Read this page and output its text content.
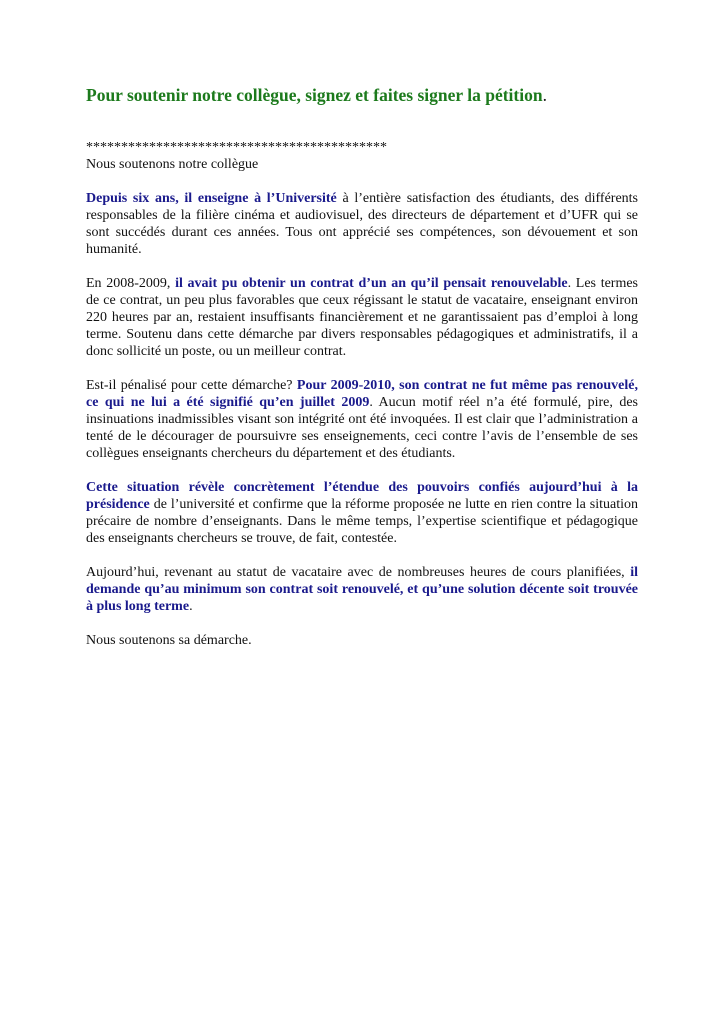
Pour soutenir notre collègue, signez et faites signer la pétition.

*******************************************

Nous soutenons notre collègue

Depuis six ans, il enseigne à l’Université à l’entière satisfaction des étudiants, des différents responsables de la filière cinéma et audiovisuel, des directeurs de département et d’UFR qui se sont succédés durant ces années. Tous ont apprécié ses compétences, son dévouement et son humanité.

En 2008-2009, il avait pu obtenir un contrat d’un an qu’il pensait renouvelable. Les termes de ce contrat, un peu plus favorables que ceux régissant le statut de vacataire, enseignant environ 220 heures par an, restaient insuffisants financièrement et ne garantissaient pas d’emploi à long terme. Soutenu dans cette démarche par divers responsables pédagogiques et administratifs, il a donc sollicité un poste, ou un meilleur contrat.

Est-il pénalisé pour cette démarche? Pour 2009-2010, son contrat ne fut même pas renouvelé, ce qui ne lui a été signifié qu’en juillet 2009. Aucun motif réel n’a été formulé, pire, des insinuations inadmissibles visant son intégrité ont été invoquées. Il est clair que l’administration a tenté de le décourager de poursuivre ses enseignements, ceci contre l’avis de l’ensemble de ses collègues enseignants chercheurs du département et des étudiants.

Cette situation révèle concrètement l’étendue des pouvoirs confiés aujourd’hui à la présidence de l’université et confirme que la réforme proposée ne lutte en rien contre la situation précaire de nombre d’enseignants. Dans le même temps, l’expertise scientifique et pédagogique des enseignants chercheurs se trouve, de fait, contestée.

Aujourd’hui, revenant au statut de vacataire avec de nombreuses heures de cours planifiées, il demande qu’au minimum son contrat soit renouvelé, et qu’une solution décente soit trouvée à plus long terme.

Nous soutenons sa démarche.
